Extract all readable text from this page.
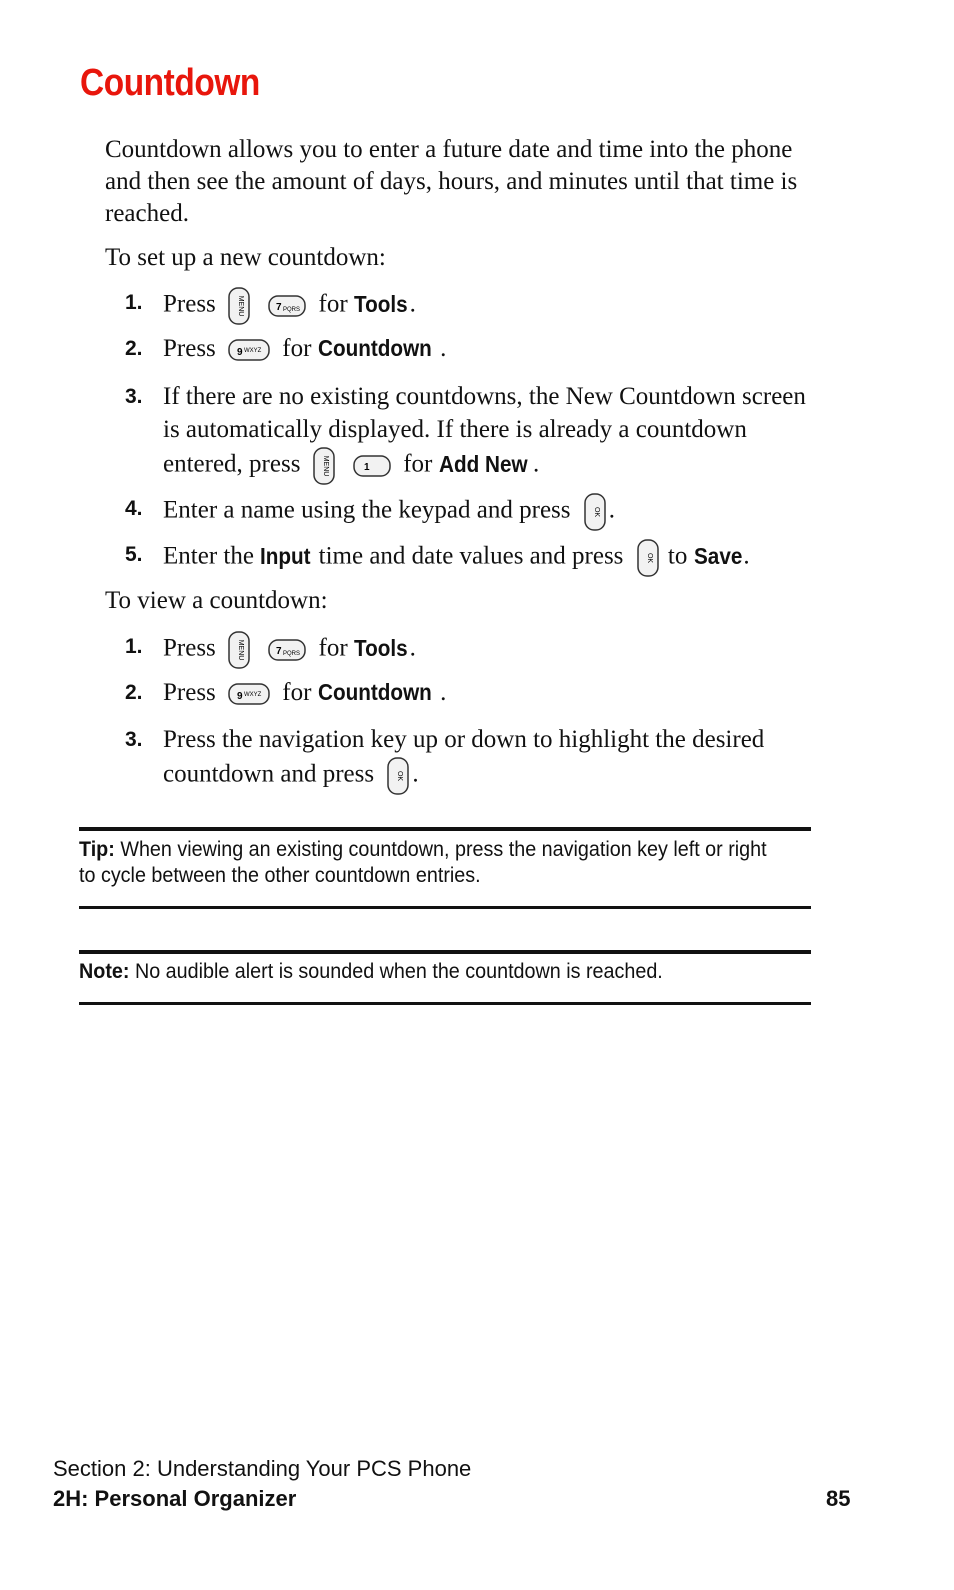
Countdown
Countdown allows you to enter a future date and time into the phone and then see the amount of days, hours, and minutes until that time is reached.
To set up a new countdown:
1. Press	MENU
	7 PQRS for Tools.
2. Press 9 WXYZ for Countdown .
3. If there are no existing countdowns, the New Countdown screen is automatically displayed. If there is already a countdown entered, press	MENU
	1 for Add New .
4. Enter a name using the keypad and press	OK .
5. Enter the Input time and date values and press	OK to Save.
To view a countdown:
1. Press	MENU
	7 PQRS for Tools.
2. Press 9 WXYZ for Countdown .
3. Press the navigation key up or down to highlight the desired countdown and press	OK .
Tip: When viewing an existing countdown, press the navigation key left or right to cycle between the other countdown entries.
Note: No audible alert is sounded when the countdown is reached.
Section 2: Understanding Your PCS Phone
2H: Personal Organizer	85
